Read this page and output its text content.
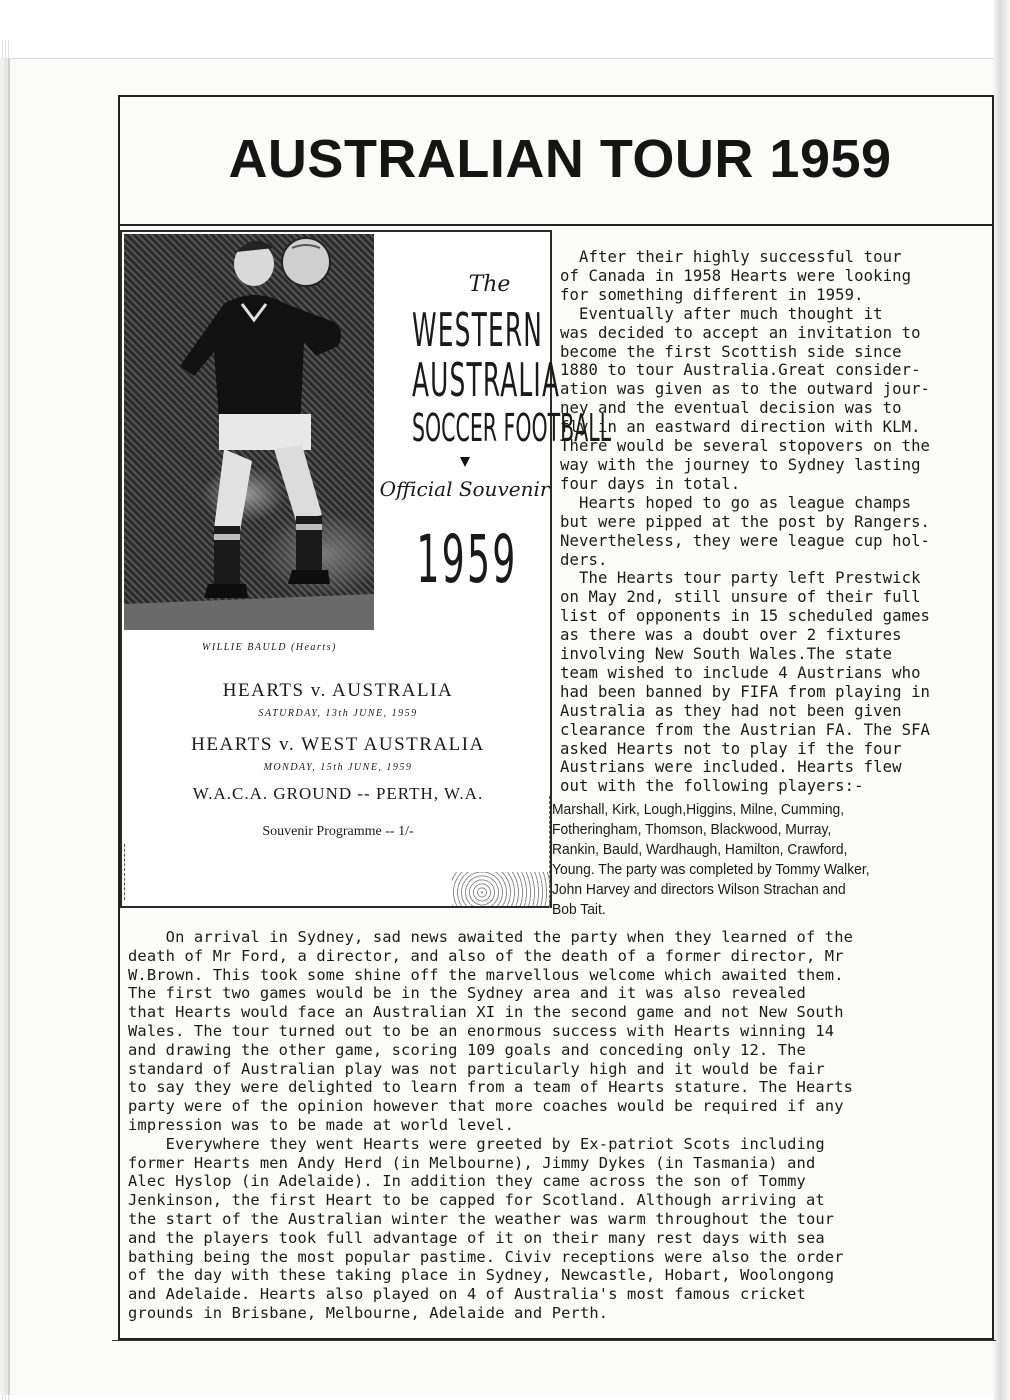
AUSTRALIAN TOUR 1959
The
WESTERN
AUSTRALIA
SOCCER FOOTBALL
Official Souvenir
1959
WILLIE BAULD (Hearts)
HEARTS v. AUSTRALIA
SATURDAY, 13th JUNE, 1959
HEARTS v. WEST AUSTRALIA
MONDAY, 15th JUNE, 1959
W.A.C.A. GROUND -- PERTH, W.A.
Souvenir Programme -- 1/-
After their highly successful tour
of Canada in 1958 Hearts were looking
for something different in 1959.
Eventually after much thought it
was decided to accept an invitation to
become the first Scottish side since
1880 to tour Australia.Great consider-
ation was given as to the outward jour-
ney and the eventual decision was to
fly in an eastward direction with KLM.
There would be several stopovers on the
way with the journey to Sydney lasting
four days in total.
Hearts hoped to go as league champs
but were pipped at the post by Rangers.
Nevertheless, they were league cup hol-
ders.
The Hearts tour party left Prestwick
on May 2nd, still unsure of their full
list of opponents in 15 scheduled games
as there was a doubt over 2 fixtures
involving New South Wales.The state
team wished to include 4 Austrians who
had been banned by FIFA from playing in
Australia as they had not been given
clearance from the Austrian FA. The SFA
asked Hearts not to play if the four
Austrians were included. Hearts flew
out with the following players:-
Marshall, Kirk, Lough,Higgins, Milne, Cumming,
Fotheringham, Thomson, Blackwood, Murray,
Rankin, Bauld, Wardhaugh, Hamilton, Crawford,
Young. The party was completed by Tommy Walker,
John Harvey and directors Wilson Strachan and
Bob Tait.
On arrival in Sydney, sad news awaited the party when they learned of the
death of Mr Ford, a director, and also of the death of a former director, Mr
W.Brown. This took some shine off the marvellous welcome which awaited them.
The first two games would be in the Sydney area and it was also revealed
that Hearts would face an Australian XI in the second game and not New South
Wales. The tour turned out to be an enormous success with Hearts winning 14
and drawing the other game, scoring 109 goals and conceding only 12. The
standard of Australian play was not particularly high and it would be fair
to say they were delighted to learn from a team of Hearts stature. The Hearts
party were of the opinion however that more coaches would be required if any
impression was to be made at world level.
Everywhere they went Hearts were greeted by Ex-patriot Scots including
former Hearts men Andy Herd (in Melbourne), Jimmy Dykes (in Tasmania) and
Alec Hyslop (in Adelaide). In addition they came across the son of Tommy
Jenkinson, the first Heart to be capped for Scotland. Although arriving at
the start of the Australian winter the weather was warm throughout the tour
and the players took full advantage of it on their many rest days with sea
bathing being the most popular pastime. Civiv receptions were also the order
of the day with these taking place in Sydney, Newcastle, Hobart, Woolongong
and Adelaide. Hearts also played on 4 of Australia's most famous cricket
grounds in Brisbane, Melbourne, Adelaide and Perth.
